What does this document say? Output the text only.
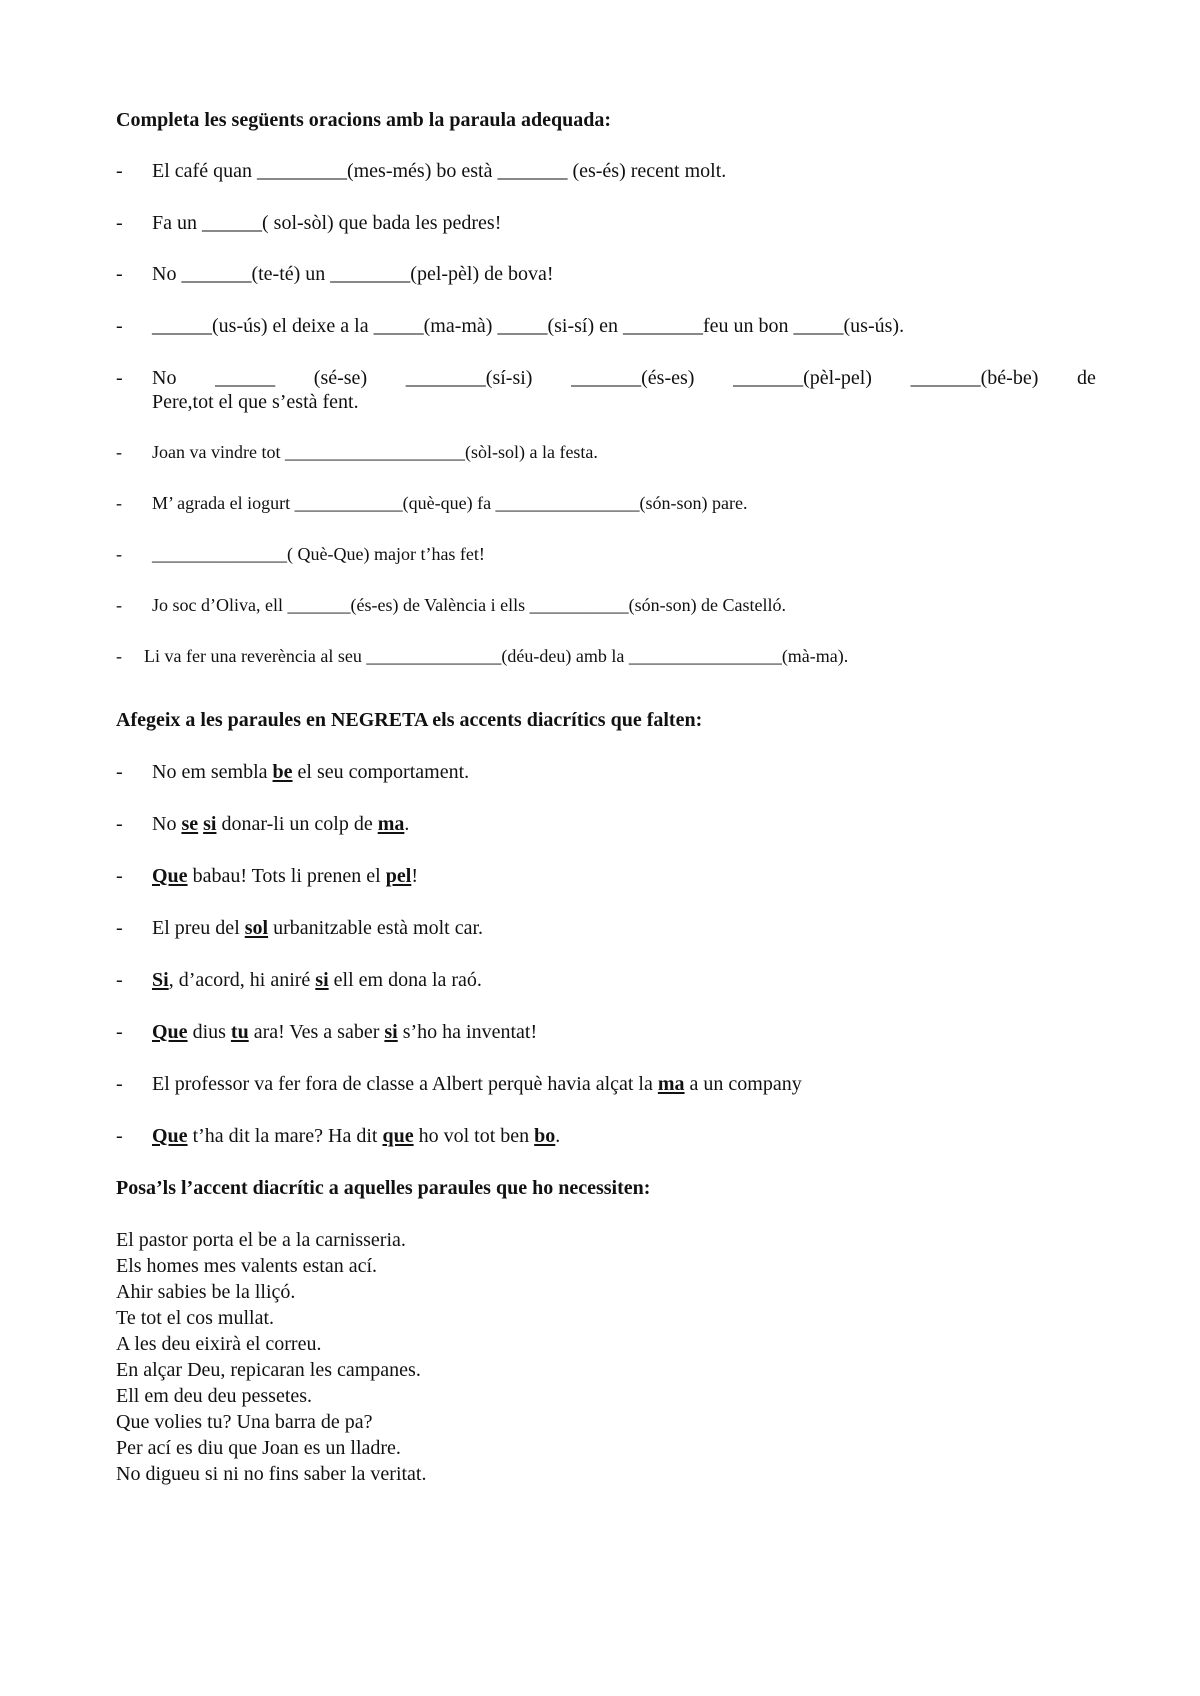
Completa les següents oracions amb la paraula adequada:
- El café quan _________(mes-més) bo està _______ (es-és) recent molt.
- Fa un ______( sol-sòl) que bada les pedres!
- No _______(te-té) un ________(pel-pèl) de bova!
- ______(us-ús) el deixe a la _____(ma-mà) _____(si-sí) en ________feu un bon _____(us-ús).
- No ______ (sé-se) ________(sí-si) _______(és-es) _______(pèl-pel) _______(bé-be) de
Pere,tot el que s’està fent.
- Joan va vindre tot ____________________(sòl-sol) a la festa.
- M’ agrada el iogurt ____________(què-que) fa ________________(són-son) pare.
- _______________( Què-Que) major t’has fet!
- Jo soc d’Oliva, ell _______(és-es) de València i ells ___________(són-son) de Castelló.
- Li va fer una reverència al seu _______________(déu-deu) amb la _________________(mà-ma).
Afegeix a les paraules en NEGRETA els accents diacrítics que falten:
- No em sembla be el seu comportament.
- No se si donar-li un colp de ma.
- Que babau! Tots li prenen el pel!
- El preu del sol urbanitzable està molt car.
- Si, d’acord, hi aniré si ell em dona la raó.
- Que dius tu ara! Ves a saber si s’ho ha inventat!
- El professor va fer fora de classe a Albert perquè havia alçat la ma a un company
- Que t’ha dit la mare? Ha dit que ho vol tot ben bo.
Posa’ls l’accent diacrític a aquelles paraules que ho necessiten:
El pastor porta el be a la carnisseria.
Els homes mes valents estan ací.
Ahir sabies be la lliçó.
Te tot el cos mullat.
A les deu eixirà el correu.
En alçar Deu, repicaran les campanes.
Ell em deu deu pessetes.
Que volies tu? Una barra de pa?
Per ací es diu que Joan es un lladre.
No digueu si ni no fins saber la veritat.
